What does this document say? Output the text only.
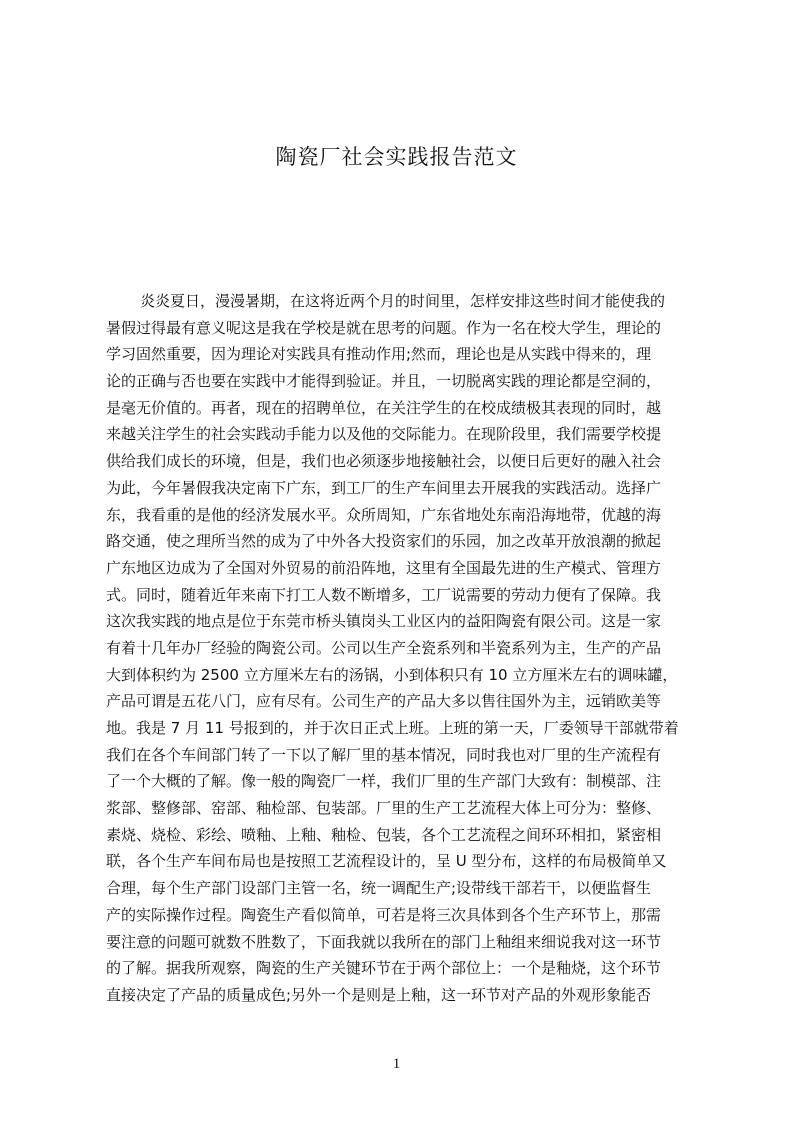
陶瓷厂社会实践报告范文
炎炎夏日，漫漫暑期，在这将近两个月的时间里，怎样安排这些时间才能使我的
暑假过得最有意义呢这是我在学校是就在思考的问题。作为一名在校大学生，理论的
学习固然重要，因为理论对实践具有推动作用;然而，理论也是从实践中得来的，理
论的正确与否也要在实践中才能得到验证。并且，一切脱离实践的理论都是空洞的，
是毫无价值的。再者，现在的招聘单位，在关注学生的在校成绩极其表现的同时，越
来越关注学生的社会实践动手能力以及他的交际能力。在现阶段里，我们需要学校提
供给我们成长的环境，但是，我们也必须逐步地接触社会，以便日后更好的融入社会
为此，今年暑假我决定南下广东，到工厂的生产车间里去开展我的实践活动。选择广
东，我看重的是他的经济发展水平。众所周知，广东省地处东南沿海地带，优越的海
路交通，使之理所当然的成为了中外各大投资家们的乐园，加之改革开放浪潮的掀起
广东地区边成为了全国对外贸易的前沿阵地，这里有全国最先进的生产模式、管理方
式。同时，随着近年来南下打工人数不断增多，工厂说需要的劳动力便有了保障。我
这次我实践的地点是位于东莞市桥头镇岗头工业区内的益阳陶瓷有限公司。这是一家
有着十几年办厂经验的陶瓷公司。公司以生产全瓷系列和半瓷系列为主，生产的产品
大到体积约为 2500 立方厘米左右的汤锅，小到体积只有 10 立方厘米左右的调味罐，
产品可谓是五花八门，应有尽有。公司生产的产品大多以售往国外为主，远销欧美等
地。我是 7 月 11 号报到的，并于次日正式上班。上班的第一天，厂委领导干部就带着
我们在各个车间部门转了一下以了解厂里的基本情况，同时我也对厂里的生产流程有
了一个大概的了解。像一般的陶瓷厂一样，我们厂里的生产部门大致有：制模部、注
浆部、整修部、窑部、釉检部、包装部。厂里的生产工艺流程大体上可分为：整修、
素烧、烧检、彩绘、喷釉、上釉、釉检、包装，各个工艺流程之间环环相扣，紧密相
联，各个生产车间布局也是按照工艺流程设计的，呈 U 型分布，这样的布局极简单又
合理，每个生产部门设部门主管一名，统一调配生产;设带线干部若干，以便监督生
产的实际操作过程。陶瓷生产看似简单，可若是将三次具体到各个生产环节上，那需
要注意的问题可就数不胜数了，下面我就以我所在的部门上釉组来细说我对这一环节
的了解。据我所观察，陶瓷的生产关键环节在于两个部位上：一个是釉烧，这个环节
直接决定了产品的质量成色;另外一个是则是上釉，这一环节对产品的外观形象能否
1
